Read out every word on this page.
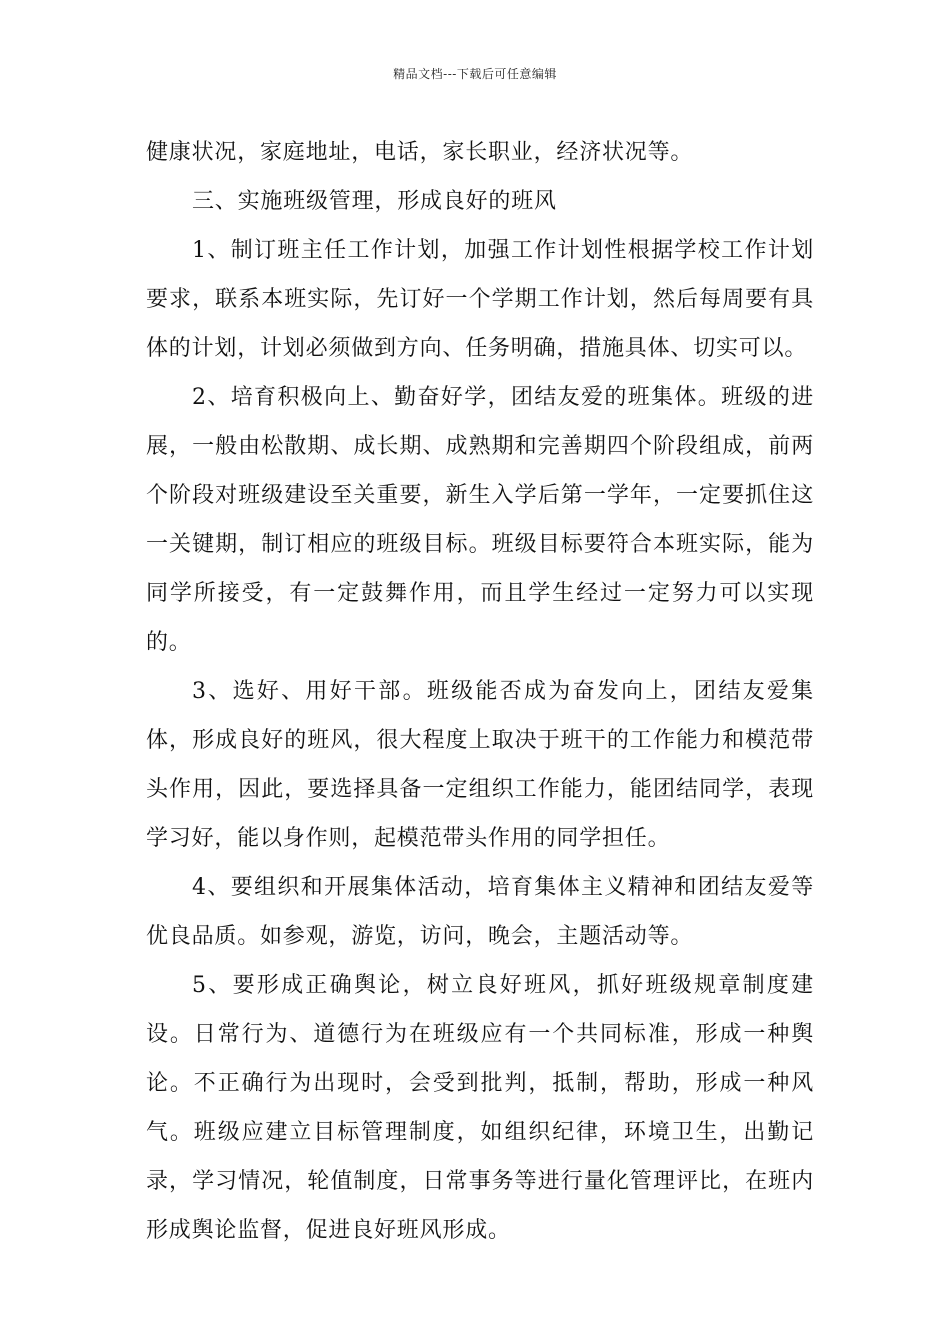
精品文档---下载后可任意编辑

健康状况，家庭地址，电话，家长职业，经济状况等。

三、实施班级管理，形成良好的班风

1、制订班主任工作计划，加强工作计划性根据学校工作计划要求，联系本班实际，先订好一个学期工作计划，然后每周要有具体的计划，计划必须做到方向、任务明确，措施具体、切实可以。

2、培育积极向上、勤奋好学，团结友爱的班集体。班级的进展，一般由松散期、成长期、成熟期和完善期四个阶段组成，前两个阶段对班级建设至关重要，新生入学后第一学年，一定要抓住这一关键期，制订相应的班级目标。班级目标要符合本班实际，能为同学所接受，有一定鼓舞作用，而且学生经过一定努力可以实现的。

3、选好、用好干部。班级能否成为奋发向上，团结友爱集体，形成良好的班风，很大程度上取决于班干的工作能力和模范带头作用，因此，要选择具备一定组织工作能力，能团结同学，表现学习好，能以身作则，起模范带头作用的同学担任。

4、要组织和开展集体活动，培育集体主义精神和团结友爱等优良品质。如参观，游览，访问，晚会，主题活动等。

5、要形成正确舆论，树立良好班风，抓好班级规章制度建设。日常行为、道德行为在班级应有一个共同标准，形成一种舆论。不正确行为出现时，会受到批判，抵制，帮助，形成一种风气。班级应建立目标管理制度，如组织纪律，环境卫生，出勤记录，学习情况，轮值制度，日常事务等进行量化管理评比，在班内形成舆论监督，促进良好班风形成。
